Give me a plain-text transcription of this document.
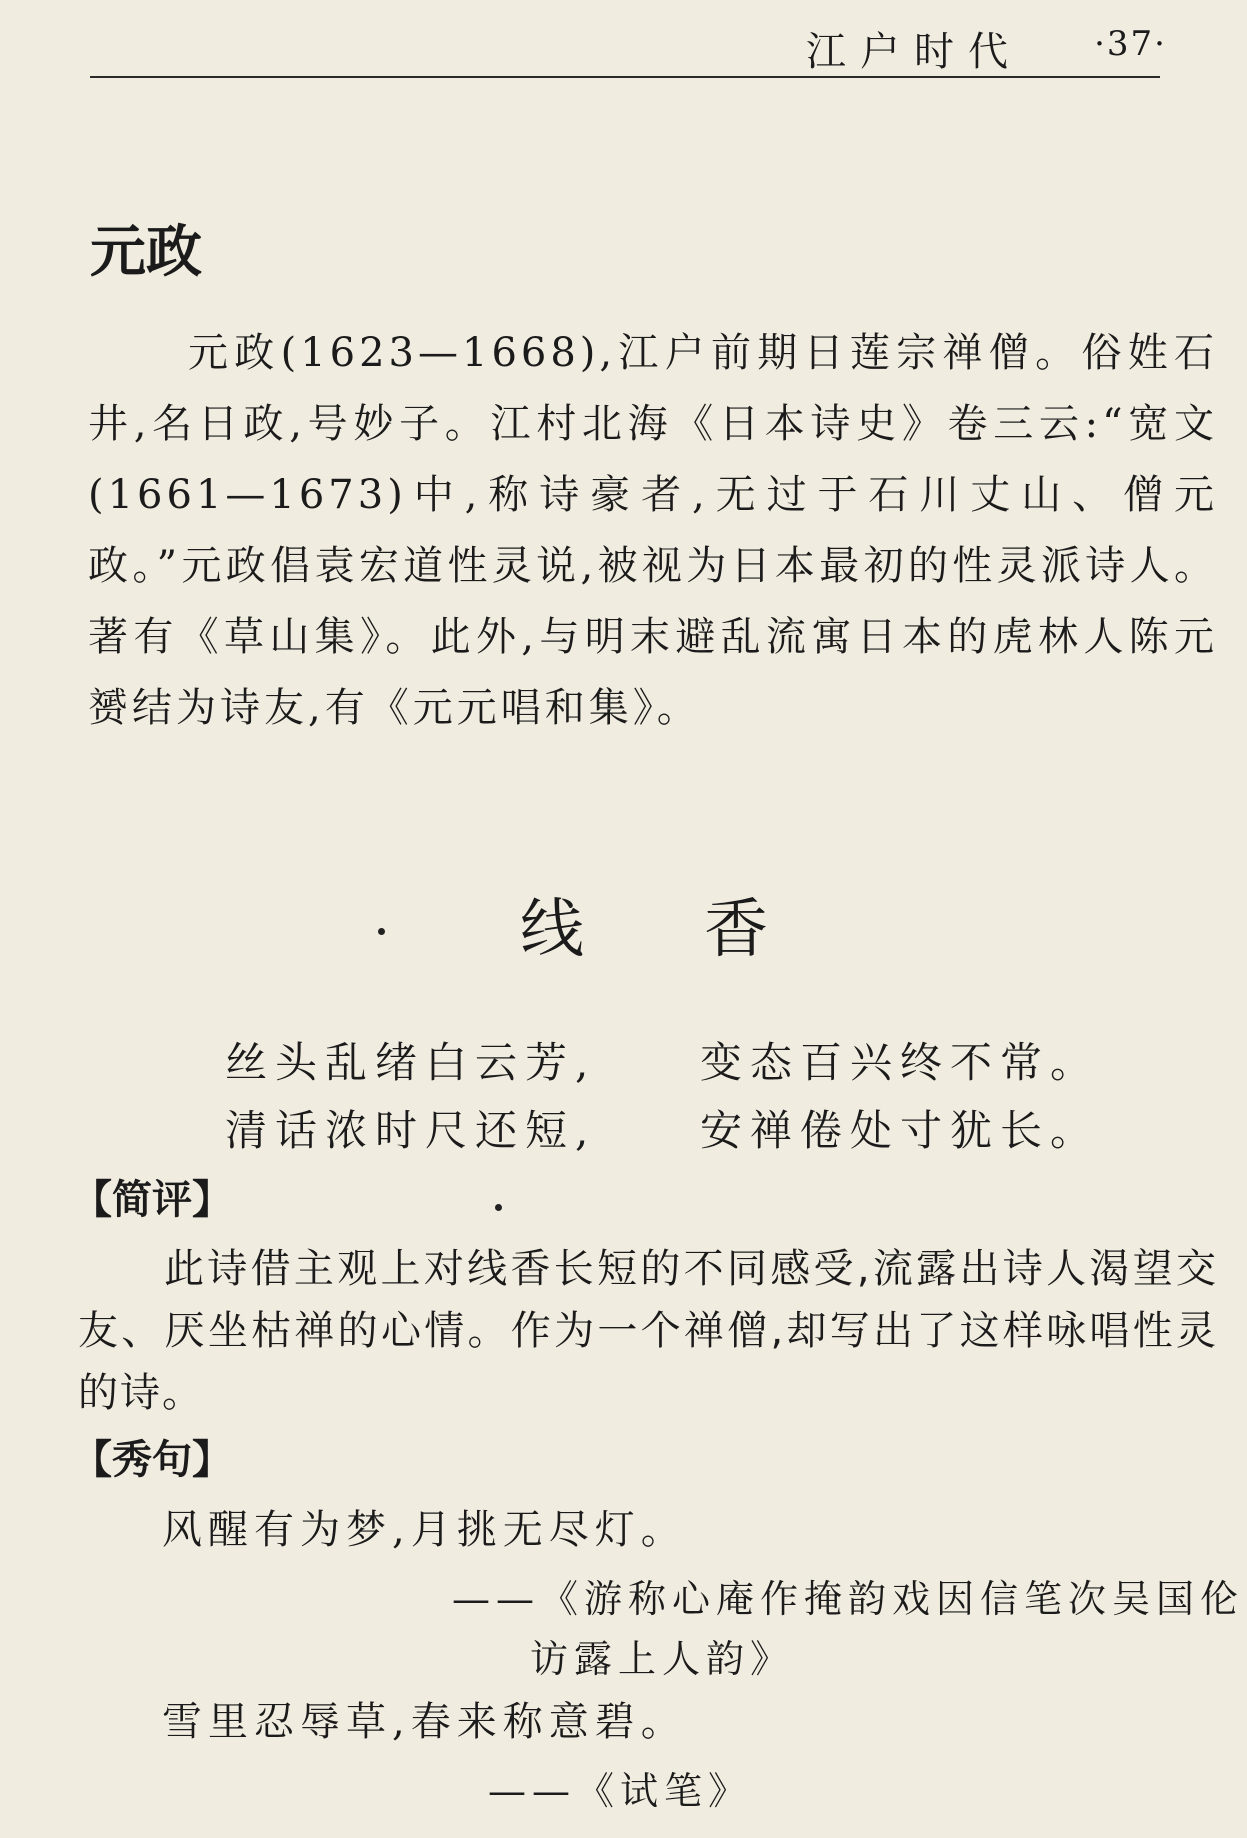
江户时代 ·37·
元政

元政(1623—1668),江户前期日莲宗禅僧。俗姓石井,名日政,号妙子。江村北海《日本诗史》卷三云:“宽文(1661—1673)中,称诗豪者,无过于石川丈山、僧元政。”元政倡袁宏道性灵说,被视为日本最初的性灵派诗人。著有《草山集》。此外,与明末避乱流寓日本的虎林人陈元赟结为诗友,有《元元唱和集》。

线香
丝头乱绪白云芳,	变态百兴终不常。
清话浓时尺还短,	安禅倦处寸犹长。
【简评】
此诗借主观上对线香长短的不同感受,流露出诗人渴望交友、厌坐枯禅的心情。作为一个禅僧,却写出了这样咏唱性灵的诗。
【秀句】
风醒有为梦,月挑无尽灯。
——《游称心庵作掩韵戏因信笔次吴国伦
访露上人韵》
雪里忍辱草,春来称意碧。
——《试笔》
